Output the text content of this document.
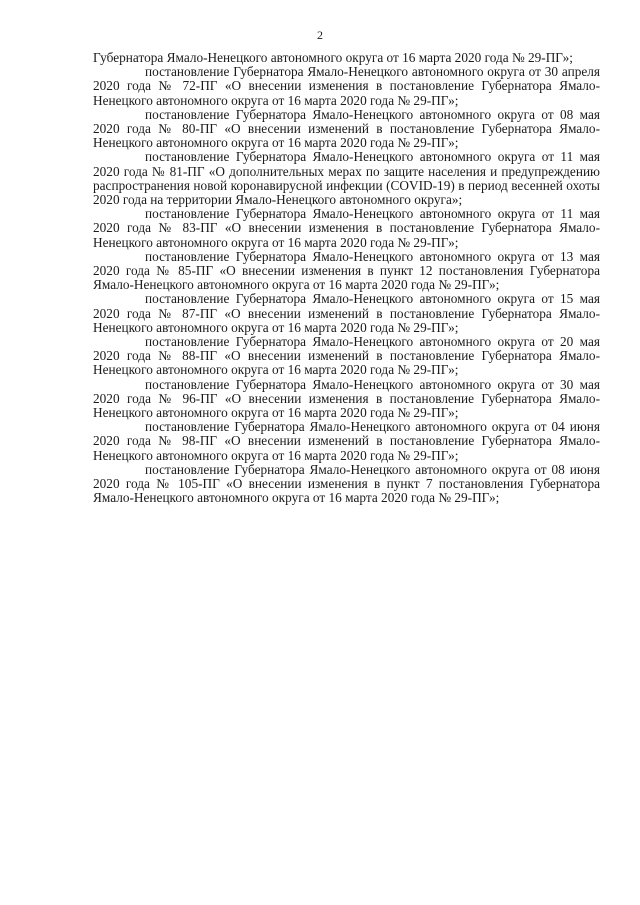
2

Губернатора Ямало-Ненецкого автономного округа от 16 марта 2020 года № 29-ПГ»;

постановление Губернатора Ямало-Ненецкого автономного округа от 30 апреля 2020 года № 72-ПГ «О внесении изменения в постановление Губернатора Ямало-Ненецкого автономного округа от 16 марта 2020 года № 29-ПГ»;

постановление Губернатора Ямало-Ненецкого автономного округа от 08 мая 2020 года № 80-ПГ «О внесении изменений в постановление Губернатора Ямало-Ненецкого автономного округа от 16 марта 2020 года № 29-ПГ»;

постановление Губернатора Ямало-Ненецкого автономного округа от 11 мая 2020 года № 81-ПГ «О дополнительных мерах по защите населения и предупреждению распространения новой коронавирусной инфекции (COVID-19) в период весенней охоты 2020 года на территории Ямало-Ненецкого автономного округа»;

постановление Губернатора Ямало-Ненецкого автономного округа от 11 мая 2020 года № 83-ПГ «О внесении изменения в постановление Губернатора Ямало-Ненецкого автономного округа от 16 марта 2020 года № 29-ПГ»;

постановление Губернатора Ямало-Ненецкого автономного округа от 13 мая 2020 года № 85-ПГ «О внесении изменения в пункт 12 постановления Губернатора Ямало-Ненецкого автономного округа от 16 марта 2020 года № 29-ПГ»;

постановление Губернатора Ямало-Ненецкого автономного округа от 15 мая 2020 года № 87-ПГ «О внесении изменений в постановление Губернатора Ямало-Ненецкого автономного округа от 16 марта 2020 года № 29-ПГ»;

постановление Губернатора Ямало-Ненецкого автономного округа от 20 мая 2020 года № 88-ПГ «О внесении изменений в постановление Губернатора Ямало-Ненецкого автономного округа от 16 марта 2020 года № 29-ПГ»;

постановление Губернатора Ямало-Ненецкого автономного округа от 30 мая 2020 года № 96-ПГ «О внесении изменения в постановление Губернатора Ямало-Ненецкого автономного округа от 16 марта 2020 года № 29-ПГ»;

постановление Губернатора Ямало-Ненецкого автономного округа от 04 июня 2020 года № 98-ПГ «О внесении изменений в постановление Губернатора Ямало-Ненецкого автономного округа от 16 марта 2020 года № 29-ПГ»;

постановление Губернатора Ямало-Ненецкого автономного округа от 08 июня 2020 года № 105-ПГ «О внесении изменения в пункт 7 постановления Губернатора Ямало-Ненецкого автономного округа от 16 марта 2020 года № 29-ПГ»;
